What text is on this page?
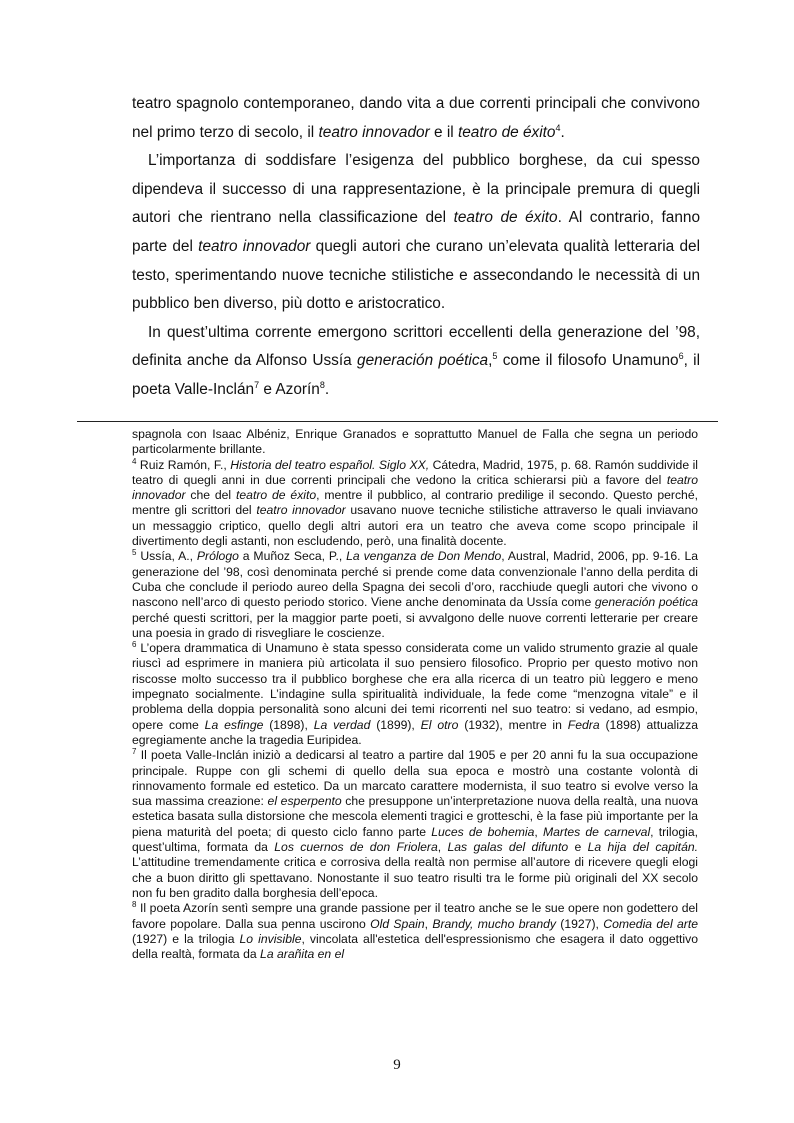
teatro spagnolo contemporaneo, dando vita a due correnti principali che convivono nel primo terzo di secolo, il teatro innovador e il teatro de éxito$^4$.

L’importanza di soddisfare l’esigenza del pubblico borghese, da cui spesso dipendeva il successo di una rappresentazione, è la principale premura di quegli autori che rientrano nella classificazione del teatro de éxito. Al contrario, fanno parte del teatro innovador quegli autori che curano un’elevata qualità letteraria del testo, sperimentando nuove tecniche stilistiche e assecondando le necessità di un pubblico ben diverso, più dotto e aristocratico.

In quest’ultima corrente emergono scrittori eccellenti della generazione del ’98, definita anche da Alfonso Ussía generación poética,$^5$ come il filosofo Unamuno$^6$, il poeta Valle-Inclán$^7$ e Azorín$^8$.

spagnola con Isaac Albéniz, Enrique Granados e soprattutto Manuel de Falla che segna un periodo particolarmente brillante.

$^4$ Ruiz Ramón, F., Historia del teatro español. Siglo XX, Cátedra, Madrid, 1975, p. 68. Ramón suddivide il teatro di quegli anni in due correnti principali che vedono la critica schierarsi più a favore del teatro innovador che del teatro de éxito, mentre il pubblico, al contrario predilige il secondo. Questo perché, mentre gli scrittori del teatro innovador usavano nuove tecniche stilistiche attraverso le quali inviavano un messaggio criptico, quello degli altri autori era un teatro che aveva come scopo principale il divertimento degli astanti, non escludendo, però, una finalità docente.

$^5$ Ussía, A., Prólogo a Muñoz Seca, P., La venganza de Don Mendo, Austral, Madrid, 2006, pp. 9-16. La generazione del ’98, così denominata perché si prende come data convenzionale l’anno della perdita di Cuba che conclude il periodo aureo della Spagna dei secoli d’oro, racchiude quegli autori che vivono o nascono nell’arco di questo periodo storico. Viene anche denominata da Ussía come generación poética perché questi scrittori, per la maggior parte poeti, si avvalgono delle nuove correnti letterarie per creare una poesia in grado di risvegliare le coscienze.

$^6$ L’opera drammatica di Unamuno è stata spesso considerata come un valido strumento grazie al quale riuscì ad esprimere in maniera più articolata il suo pensiero filosofico. Proprio per questo motivo non riscosse molto successo tra il pubblico borghese che era alla ricerca di un teatro più leggero e meno impegnato socialmente. L’indagine sulla spiritualità individuale, la fede come “menzogna vitale” e il problema della doppia personalità sono alcuni dei temi ricorrenti nel suo teatro: si vedano, ad esmpio, opere come La esfinge (1898), La verdad (1899), El otro (1932), mentre in Fedra (1898) attualizza egregiamente anche la tragedia Euripidea.

$^7$ Il poeta Valle-Inclán iniziò a dedicarsi al teatro a partire dal 1905 e per 20 anni fu la sua occupazione principale. Ruppe con gli schemi di quello della sua epoca e mostrò una costante volontà di rinnovamento formale ed estetico. Da un marcato carattere modernista, il suo teatro si evolve verso la sua massima creazione: el esperpento che presuppone un’interpretazione nuova della realtà, una nuova estetica basata sulla distorsione che mescola elementi tragici e grotteschi, è la fase più importante per la piena maturità del poeta; di questo ciclo fanno parte Luces de bohemia, Martes de carneval, trilogia, quest’ultima, formata da Los cuernos de don Friolera, Las galas del difunto e La hija del capitán. L’attitudine tremendamente critica e corrosiva della realtà non permise all’autore di ricevere quegli elogi che a buon diritto gli spettavano. Nonostante il suo teatro risulti tra le forme più originali del XX secolo non fu ben gradito dalla borghesia dell’epoca.

$^8$ Il poeta Azorín sentì sempre una grande passione per il teatro anche se le sue opere non godettero del favore popolare. Dalla sua penna uscirono Old Spain, Brandy, mucho brandy (1927), Comedia del arte (1927) e la trilogia Lo invisible, vincolata all'estetica dell'espressionismo che esagera il dato oggettivo della realtà, formata da La arañita en el

9
